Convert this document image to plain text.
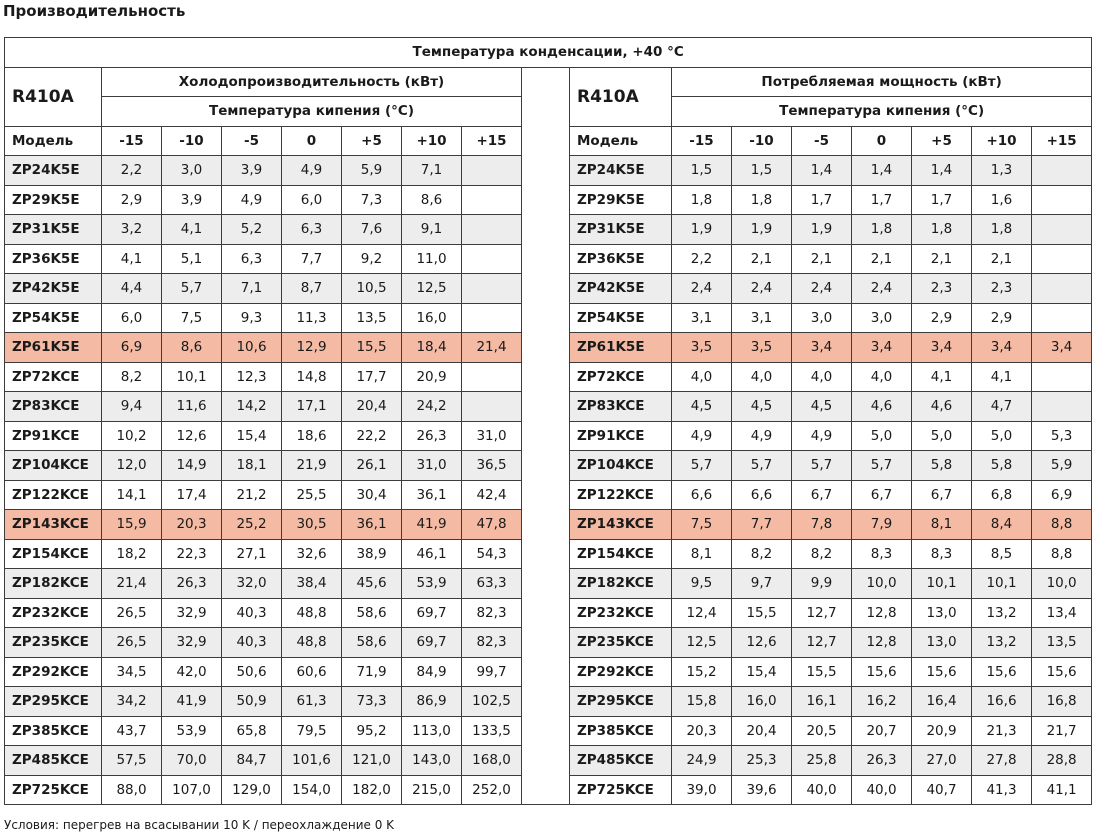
Производительность
Температура конденсации, +40 °C																
R410A	Холодопроизводительность (кВт)								R410A	Потребляемая мощность (кВт)						
	Температура кипения (°C)									Температура кипения (°C)						
Модель	-15	-10	-5	0	+5	+10	+15		Модель	-15	-10	-5	0	+5	+10	+15
ZP24K5E	2,2	3,0	3,9	4,9	5,9	7,1			ZP24K5E	1,5	1,5	1,4	1,4	1,4	1,3	
ZP29K5E	2,9	3,9	4,9	6,0	7,3	8,6			ZP29K5E	1,8	1,8	1,7	1,7	1,7	1,6	
ZP31K5E	3,2	4,1	5,2	6,3	7,6	9,1			ZP31K5E	1,9	1,9	1,9	1,8	1,8	1,8	
ZP36K5E	4,1	5,1	6,3	7,7	9,2	11,0			ZP36K5E	2,2	2,1	2,1	2,1	2,1	2,1	
ZP42K5E	4,4	5,7	7,1	8,7	10,5	12,5			ZP42K5E	2,4	2,4	2,4	2,4	2,3	2,3	
ZP54K5E	6,0	7,5	9,3	11,3	13,5	16,0			ZP54K5E	3,1	3,1	3,0	3,0	2,9	2,9	
ZP61K5E	6,9	8,6	10,6	12,9	15,5	18,4	21,4		ZP61K5E	3,5	3,5	3,4	3,4	3,4	3,4	3,4
ZP72KCE	8,2	10,1	12,3	14,8	17,7	20,9			ZP72KCE	4,0	4,0	4,0	4,0	4,1	4,1	
ZP83KCE	9,4	11,6	14,2	17,1	20,4	24,2			ZP83KCE	4,5	4,5	4,5	4,6	4,6	4,7	
ZP91KCE	10,2	12,6	15,4	18,6	22,2	26,3	31,0		ZP91KCE	4,9	4,9	4,9	5,0	5,0	5,0	5,3
ZP104KCE	12,0	14,9	18,1	21,9	26,1	31,0	36,5		ZP104KCE	5,7	5,7	5,7	5,7	5,8	5,8	5,9
ZP122KCE	14,1	17,4	21,2	25,5	30,4	36,1	42,4		ZP122KCE	6,6	6,6	6,7	6,7	6,7	6,8	6,9
ZP143KCE	15,9	20,3	25,2	30,5	36,1	41,9	47,8		ZP143KCE	7,5	7,7	7,8	7,9	8,1	8,4	8,8
ZP154KCE	18,2	22,3	27,1	32,6	38,9	46,1	54,3		ZP154KCE	8,1	8,2	8,2	8,3	8,3	8,5	8,8
ZP182KCE	21,4	26,3	32,0	38,4	45,6	53,9	63,3		ZP182KCE	9,5	9,7	9,9	10,0	10,1	10,1	10,0
ZP232KCE	26,5	32,9	40,3	48,8	58,6	69,7	82,3		ZP232KCE	12,4	15,5	12,7	12,8	13,0	13,2	13,4
ZP235KCE	26,5	32,9	40,3	48,8	58,6	69,7	82,3		ZP235KCE	12,5	12,6	12,7	12,8	13,0	13,2	13,5
ZP292KCE	34,5	42,0	50,6	60,6	71,9	84,9	99,7		ZP292KCE	15,2	15,4	15,5	15,6	15,6	15,6	15,6
ZP295KCE	34,2	41,9	50,9	61,3	73,3	86,9	102,5		ZP295KCE	15,8	16,0	16,1	16,2	16,4	16,6	16,8
ZP385KCE	43,7	53,9	65,8	79,5	95,2	113,0	133,5		ZP385KCE	20,3	20,4	20,5	20,7	20,9	21,3	21,7
ZP485KCE	57,5	70,0	84,7	101,6	121,0	143,0	168,0		ZP485KCE	24,9	25,3	25,8	26,3	27,0	27,8	28,8
ZP725KCE	88,0	107,0	129,0	154,0	182,0	215,0	252,0		ZP725KCE	39,0	39,6	40,0	40,0	40,7	41,3	41,1
Условия: перегрев на всасывании 10 K / переохлаждение 0 K
